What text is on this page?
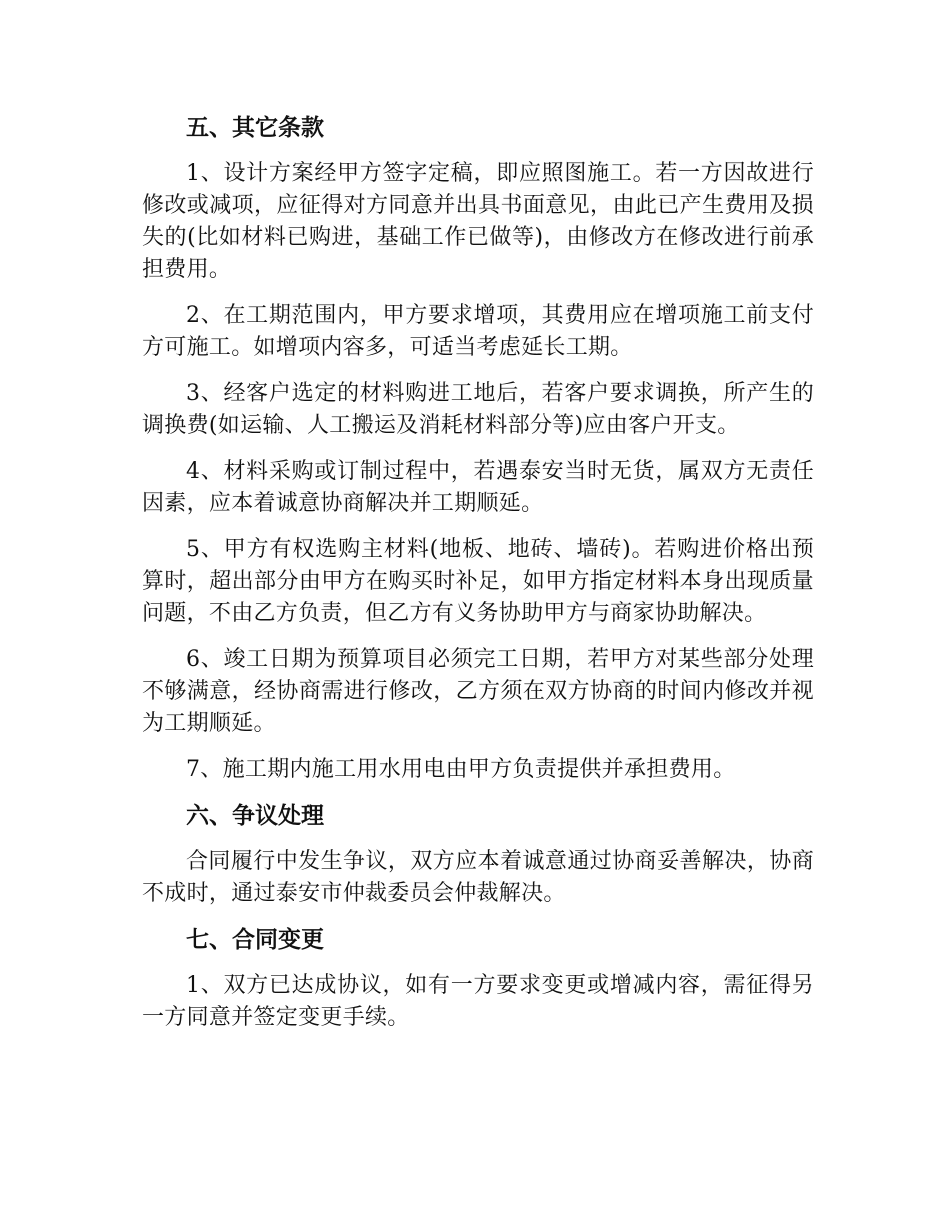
五、其它条款

1、设计方案经甲方签字定稿，即应照图施工。若一方因故进行修改或减项，应征得对方同意并出具书面意见，由此已产生费用及损失的(比如材料已购进，基础工作已做等)，由修改方在修改进行前承担费用。

2、在工期范围内，甲方要求增项，其费用应在增项施工前支付方可施工。如增项内容多，可适当考虑延长工期。

3、经客户选定的材料购进工地后，若客户要求调换，所产生的调换费(如运输、人工搬运及消耗材料部分等)应由客户开支。

4、材料采购或订制过程中，若遇泰安当时无货，属双方无责任因素，应本着诚意协商解决并工期顺延。

5、甲方有权选购主材料(地板、地砖、墙砖)。若购进价格出预算时，超出部分由甲方在购买时补足，如甲方指定材料本身出现质量问题，不由乙方负责，但乙方有义务协助甲方与商家协助解决。

6、竣工日期为预算项目必须完工日期，若甲方对某些部分处理不够满意，经协商需进行修改，乙方须在双方协商的时间内修改并视为工期顺延。

7、施工期内施工用水用电由甲方负责提供并承担费用。

六、争议处理

合同履行中发生争议，双方应本着诚意通过协商妥善解决，协商不成时，通过泰安市仲裁委员会仲裁解决。

七、合同变更

1、双方已达成协议，如有一方要求变更或增减内容，需征得另一方同意并签定变更手续。
